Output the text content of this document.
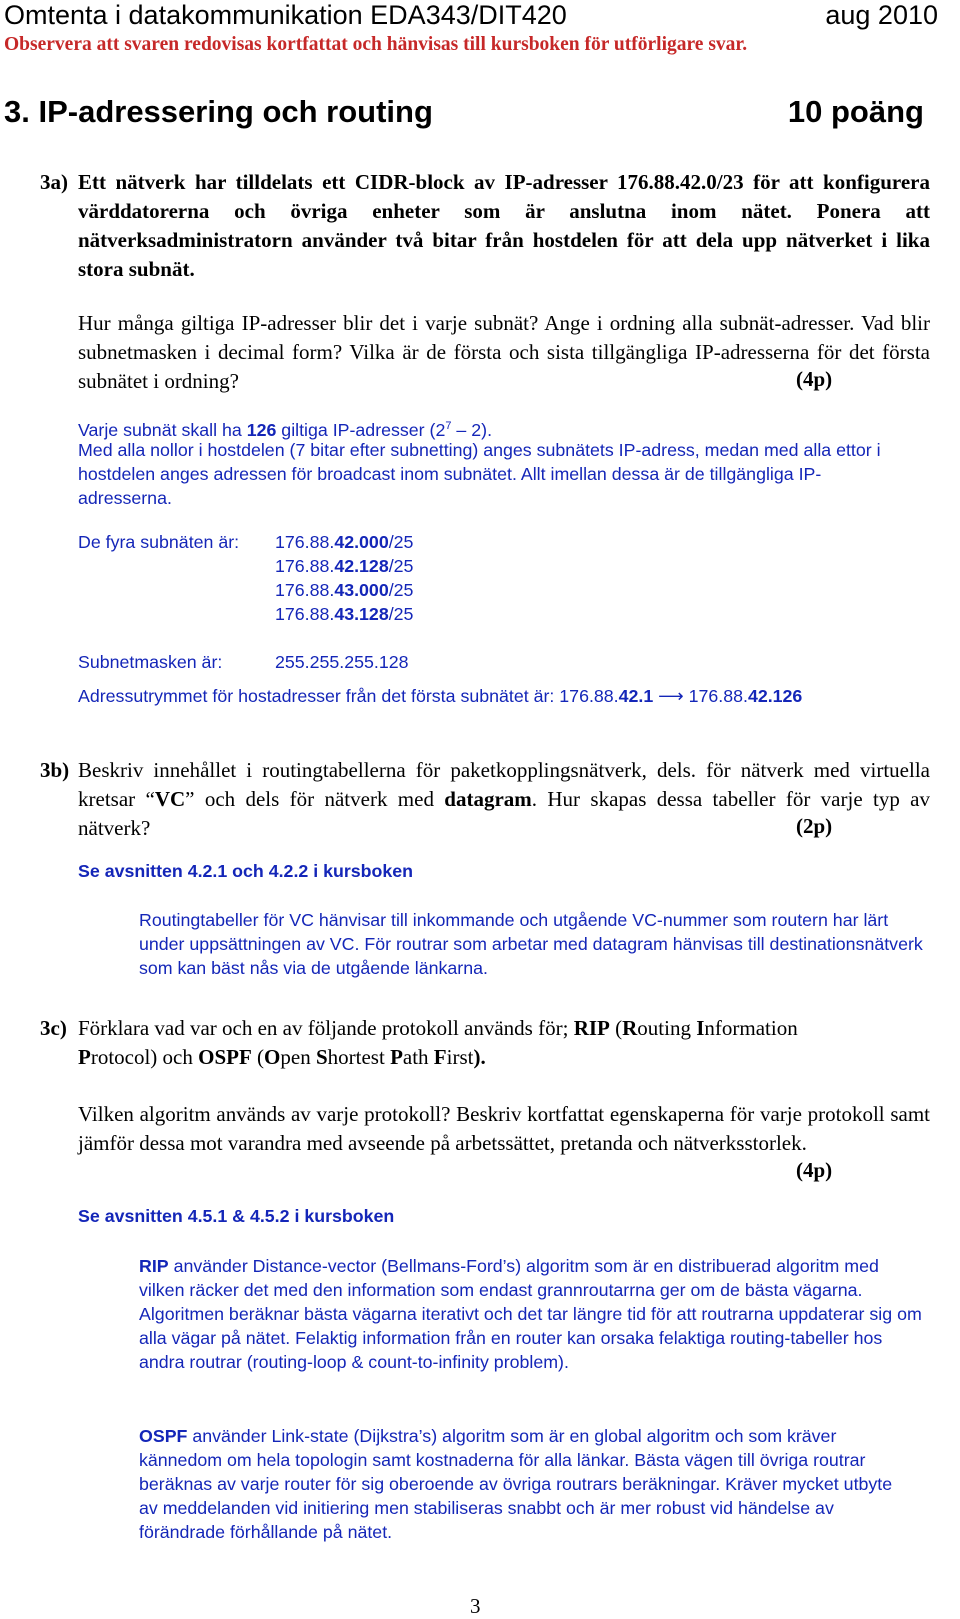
Omtenta i datakommunikation EDA343/DIT420	aug 2010
Observera att svaren redovisas kortfattat och hänvisas till kursboken för utförligare svar.
3. IP-adressering och routing	10 poäng
3a) Ett nätverk har tilldelats ett CIDR-block av IP-adresser 176.88.42.0/23 för att konfigurera värddatorerna och övriga enheter som är anslutna inom nätet. Ponera att nätverksadministratorn använder två bitar från hostdelen för att dela upp nätverket i lika stora subnät.
Hur många giltiga IP-adresser blir det i varje subnät? Ange i ordning alla subnät-adresser. Vad blir subnetmasken i decimal form? Vilka är de första och sista tillgängliga IP-adresserna för det första subnätet i ordning?	(4p)
Varje subnät skall ha 126 giltiga IP-adresser $(2^7 - 2)$.
Med alla nollor i hostdelen (7 bitar efter subnetting) anges subnätets IP-adress, medan med alla ettor i hostdelen anges adressen för broadcast inom subnätet. Allt imellan dessa är de tillgängliga IP-adresserna.
De fyra subnäten är: 176.88.42.000/25
176.88.42.128/25
176.88.43.000/25
176.88.43.128/25
Subnetmasken är:	255.255.255.128
Adressutrymmet för hostadresser från det första subnätet är: 176.88.42.1 ⟶ 176.88.42.126
3b) Beskriv innehållet i routingtabellerna för paketkopplingsnätverk, dels. för nätverk med virtuella kretsar “VC” och dels för nätverk med datagram. Hur skapas dessa tabeller för varje typ av nätverk?	(2p)
Se avsnitten 4.2.1 och 4.2.2 i kursboken
Routingtabeller för VC hänvisar till inkommande och utgående VC-nummer som routern har lärt under uppsättningen av VC. För routrar som arbetar med datagram hänvisas till destinationsnätverk som kan bäst nås via de utgående länkarna.
3c) Förklara vad var och en av följande protokoll används för; RIP (Routing Information
Protocol) och OSPF (Open Shortest Path First).
Vilken algoritm används av varje protokoll? Beskriv kortfattat egenskaperna för varje protokoll samt jämför dessa mot varandra med avseende på arbetssättet, pretanda och nätverksstorlek.
(4p)
Se avsnitten 4.5.1 & 4.5.2 i kursboken
RIP använder Distance-vector (Bellmans-Ford’s) algoritm som är en distribuerad algoritm med vilken räcker det med den information som endast grannroutarrna ger om de bästa vägarna. Algoritmen beräknar bästa vägarna iterativt och det tar längre tid för att routrarna uppdaterar sig om alla vägar på nätet. Felaktig information från en router kan orsaka felaktiga routing-tabeller hos andra routrar (routing-loop & count-to-infinity problem).
OSPF använder Link-state (Dijkstra’s) algoritm som är en global algoritm och som kräver kännedom om hela topologin samt kostnaderna för alla länkar. Bästa vägen till övriga routrar beräknas av varje router för sig oberoende av övriga routrars beräkningar. Kräver mycket utbyte av meddelanden vid initiering men stabiliseras snabbt och är mer robust vid händelse av förändrade förhållande på nätet.
3
